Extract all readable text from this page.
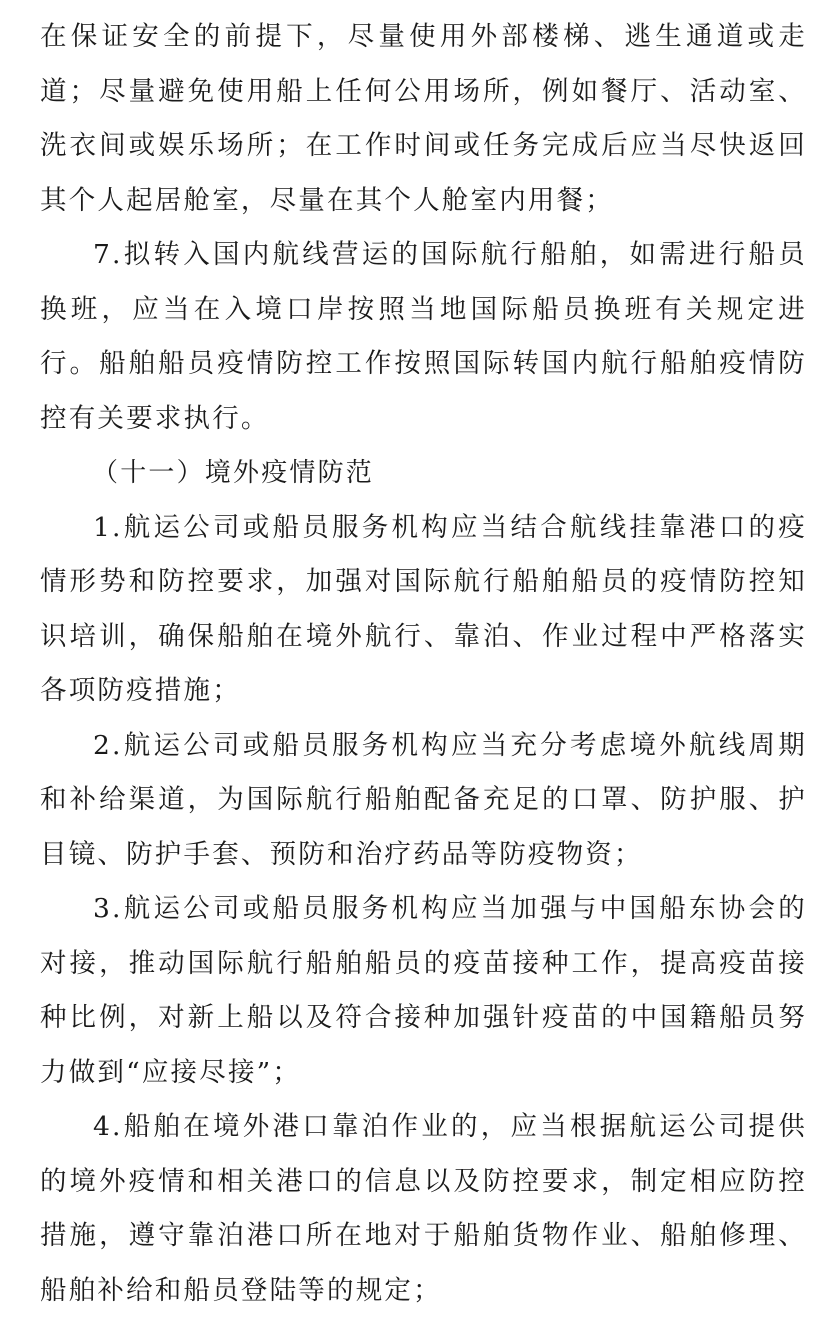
在保证安全的前提下，尽量使用外部楼梯、逃生通道或走道；尽量避免使用船上任何公用场所，例如餐厅、活动室、洗衣间或娱乐场所；在工作时间或任务完成后应当尽快返回其个人起居舱室，尽量在其个人舱室内用餐；

7.拟转入国内航线营运的国际航行船舶，如需进行船员换班，应当在入境口岸按照当地国际船员换班有关规定进行。船舶船员疫情防控工作按照国际转国内航行船舶疫情防控有关要求执行。

（十一）境外疫情防范

1.航运公司或船员服务机构应当结合航线挂靠港口的疫情形势和防控要求，加强对国际航行船舶船员的疫情防控知识培训，确保船舶在境外航行、靠泊、作业过程中严格落实各项防疫措施；

2.航运公司或船员服务机构应当充分考虑境外航线周期和补给渠道，为国际航行船舶配备充足的口罩、防护服、护目镜、防护手套、预防和治疗药品等防疫物资；

3.航运公司或船员服务机构应当加强与中国船东协会的对接，推动国际航行船舶船员的疫苗接种工作，提高疫苗接种比例，对新上船以及符合接种加强针疫苗的中国籍船员努力做到“应接尽接”；

4.船舶在境外港口靠泊作业的，应当根据航运公司提供的境外疫情和相关港口的信息以及防控要求，制定相应防控措施，遵守靠泊港口所在地对于船舶货物作业、船舶修理、船舶补给和船员登陆等的规定；
